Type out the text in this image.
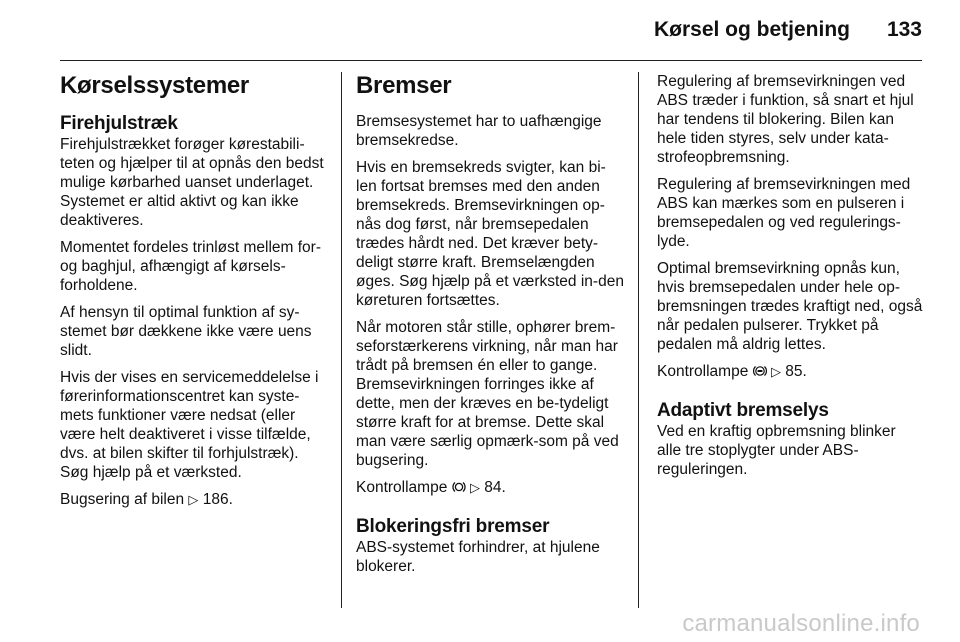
Kørsel og betjening 133
Kørselssystemer
Firehjulstræk

Firehjulstrækket forøger kørestabili-teten og hjælper til at opnås den bedst mulige kørbarhed uanset underlaget. Systemet er altid aktivt og kan ikke deaktiveres.

Momentet fordeles trinløst mellem for- og baghjul, afhængigt af kørsels-forholdene.

Af hensyn til optimal funktion af sy-stemet bør dækkene ikke være uens slidt.

Hvis der vises en servicemeddelelse i førerinformationscentret kan syste-mets funktioner være nedsat (eller være helt deaktiveret i visse tilfælde, dvs. at bilen skifter til forhjulstræk). Søg hjælp på et værksted.

Bugsering af bilen ▷ 186.

Bremser

Bremsesystemet har to uafhængige bremsekredse.

Hvis en bremsekreds svigter, kan bi-len fortsat bremses med den anden bremsekreds. Bremsevirkningen op-nås dog først, når bremsepedalen trædes hårdt ned. Det kræver bety-deligt større kraft. Bremselængden øges. Søg hjælp på et værksted in-den køreturen fortsættes.

Når motoren står stille, ophører brem-seforstærkerens virkning, når man har trådt på bremsen én eller to gange. Bremsevirkningen forringes ikke af dette, men der kræves en be-tydeligt større kraft for at bremse. Dette skal man være særlig opmærk-som på ved bugsering.

Kontrollampe ▷ 84.

Blokeringsfri bremser

ABS-systemet forhindrer, at hjulene blokerer.

Regulering af bremsevirkningen ved ABS træder i funktion, så snart et hjul har tendens til blokering. Bilen kan hele tiden styres, selv under kata-strofeopbremsning.

Regulering af bremsevirkningen med ABS kan mærkes som en pulseren i bremsepedalen og ved regulerings-lyde.

Optimal bremsevirkning opnås kun, hvis bremsepedalen under hele op-bremsningen trædes kraftigt ned, også når pedalen pulserer. Trykket på pedalen må aldrig lettes.

Kontrollampe ▷ 85.

Adaptivt bremselys

Ved en kraftig opbremsning blinker alle tre stoplygter under ABS-reguleringen.

carmanualsonline.info
